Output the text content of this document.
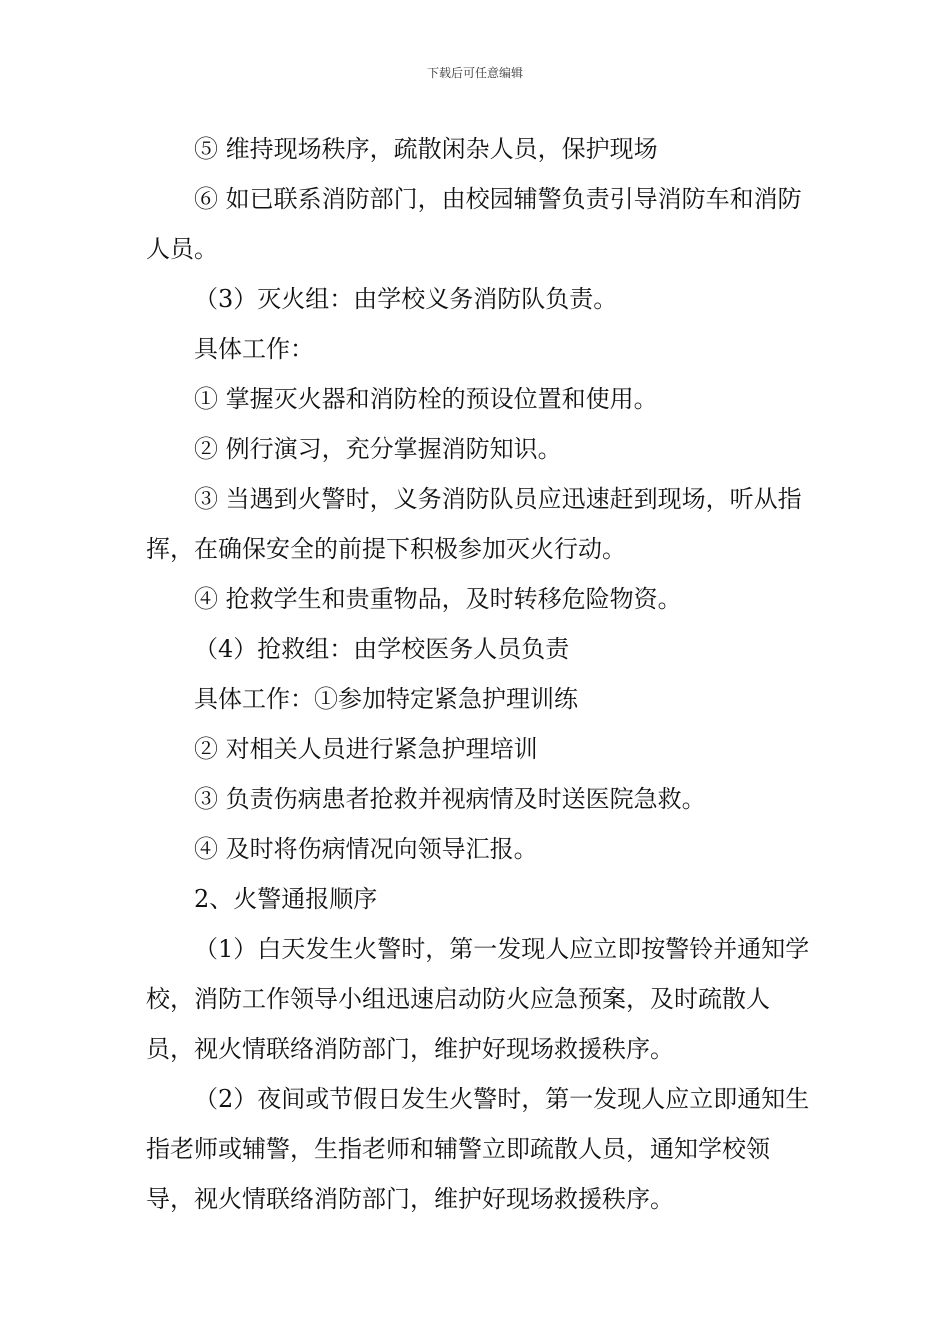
下载后可任意编辑
⑤ 维持现场秩序，疏散闲杂人员，保护现场
⑥ 如已联系消防部门，由校园辅警负责引导消防车和消防人员。
（3）灭火组：由学校义务消防队负责。
具体工作：
① 掌握灭火器和消防栓的预设位置和使用。
② 例行演习，充分掌握消防知识。
③ 当遇到火警时，义务消防队员应迅速赶到现场，听从指挥，在确保安全的前提下积极参加灭火行动。
④ 抢救学生和贵重物品，及时转移危险物资。
（4）抢救组：由学校医务人员负责
具体工作：①参加特定紧急护理训练
② 对相关人员进行紧急护理培训
③ 负责伤病患者抢救并视病情及时送医院急救。
④ 及时将伤病情况向领导汇报。
2、火警通报顺序
（1）白天发生火警时，第一发现人应立即按警铃并通知学校，消防工作领导小组迅速启动防火应急预案，及时疏散人员，视火情联络消防部门，维护好现场救援秩序。
（2）夜间或节假日发生火警时，第一发现人应立即通知生指老师或辅警，生指老师和辅警立即疏散人员，通知学校领导，视火情联络消防部门，维护好现场救援秩序。
